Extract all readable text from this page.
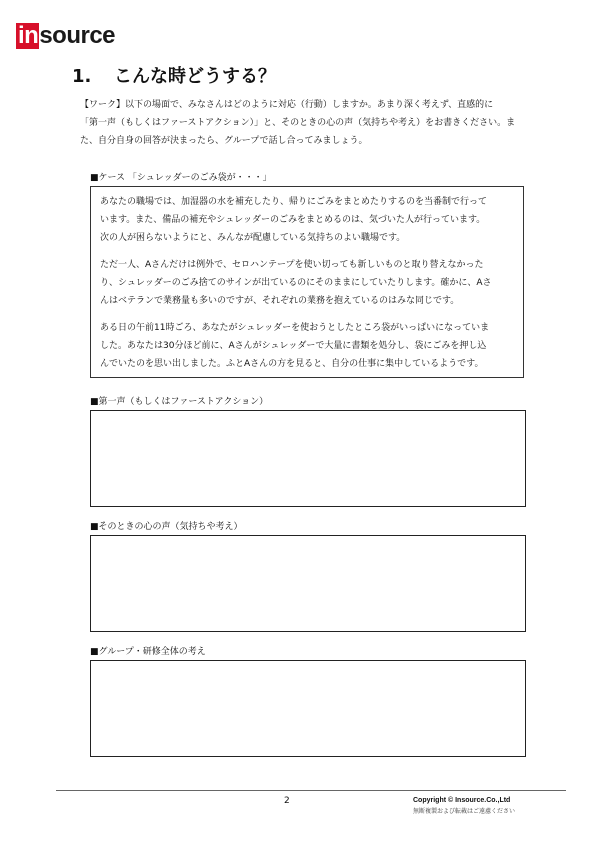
in source
1. こんな時どうする？

【ワーク】以下の場面で、みなさんはどのように対応（行動）しますか。あまり深く考えず、直感的に

「第一声（もしくはファーストアクション）」と、そのときの心の声（気持ちや考え）をお書きください。ま

た、自分自身の回答が決まったら、グループで話し合ってみましょう。

■ケース 「シュレッダーのごみ袋が・・・」

あなたの職場では、加湿器の水を補充したり、帰りにごみをまとめたりするのを当番制で行って

います。また、備品の補充やシュレッダーのごみをまとめるのは、気づいた人が行っています。

次の人が困らないようにと、みんなが配慮している気持ちのよい職場です。

ただ一人、Aさんだけは例外で、セロハンテープを使い切っても新しいものと取り替えなかった

り、シュレッダーのごみ捨てのサインが出ているのにそのままにしていたりします。確かに、Aさ

んはベテランで業務量も多いのですが、それぞれの業務を抱えているのはみな同じです。

ある日の午前11時ごろ、あなたがシュレッダーを使おうとしたところ袋がいっぱいになっていま

した。あなたは30分ほど前に、Aさんがシュレッダーで大量に書類を処分し、袋にごみを押し込

んでいたのを思い出しました。ふとAさんの方を見ると、自分の仕事に集中しているようです。

■第一声（もしくはファーストアクション）
■そのときの心の声（気持ちや考え）
■グループ・研修全体の考え
2	Copyright © Insource.Co.,Ltd
無断複製および転載はご遠慮ください
